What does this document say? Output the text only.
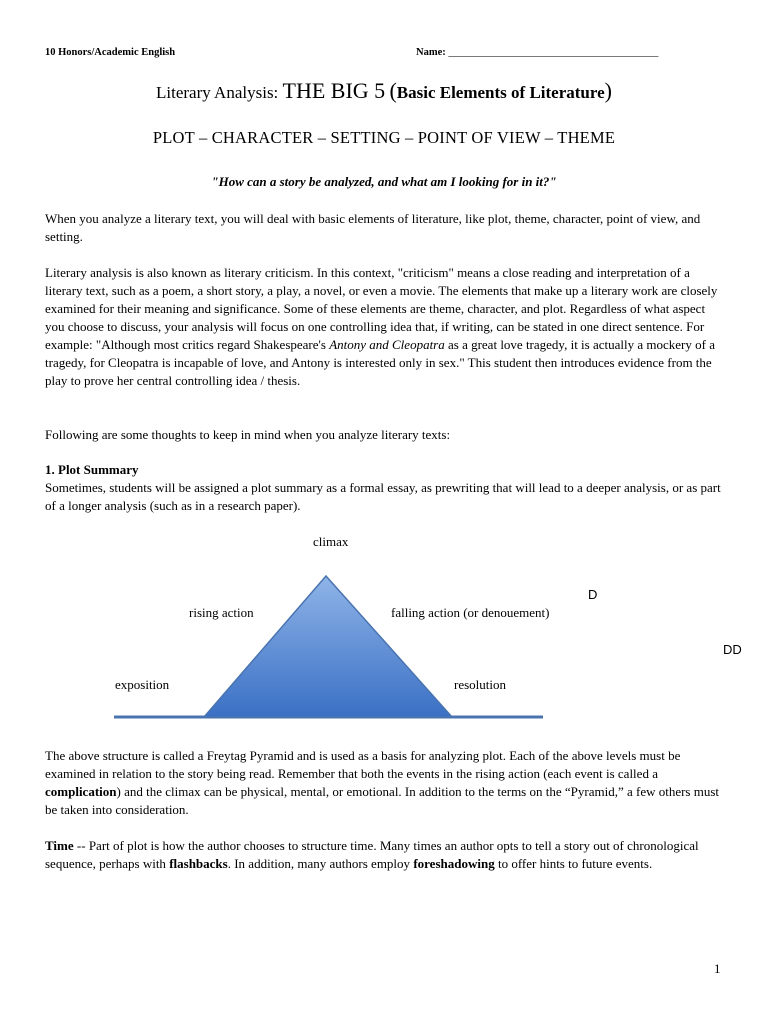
10 Honors/Academic English	Name: ________________________________________
Literary Analysis: THE BIG 5 (Basic Elements of Literature)
PLOT – CHARACTER – SETTING – POINT OF VIEW – THEME
"How can a story be analyzed, and what am I looking for in it?"

When you analyze a literary text, you will deal with basic elements of literature, like plot, theme, character, point of view, and setting.

Literary analysis is also known as literary criticism. In this context, "criticism" means a close reading and interpretation of a literary text, such as a poem, a short story, a play, a novel, or even a movie. The elements that make up a literary work are closely examined for their meaning and significance. Some of these elements are theme, character, and plot. Regardless of what aspect you choose to discuss, your analysis will focus on one controlling idea that, if writing, can be stated in one direct sentence. For example: "Although most critics regard Shakespeare's Antony and Cleopatra as a great love tragedy, it is actually a mockery of a tragedy, for Cleopatra is incapable of love, and Antony is interested only in sex." This student then introduces evidence from the play to prove her central controlling idea / thesis.

Following are some thoughts to keep in mind when you analyze literary texts:

1. Plot Summary

Sometimes, students will be assigned a plot summary as a formal essay, as prewriting that will lead to a deeper analysis, or as part of a longer analysis (such as in a research paper).

climax
rising action	falling action (or denouement)
exposition	resolution
D
DD

The above structure is called a Freytag Pyramid and is used as a basis for analyzing plot. Each of the above levels must be examined in relation to the story being read. Remember that both the events in the rising action (each event is called a complication) and the climax can be physical, mental, or emotional. In addition to the terms on the “Pyramid,” a few others must be taken into consideration.

Time -- Part of plot is how the author chooses to structure time. Many times an author opts to tell a story out of chronological sequence, perhaps with flashbacks. In addition, many authors employ foreshadowing to offer hints to future events.

1
